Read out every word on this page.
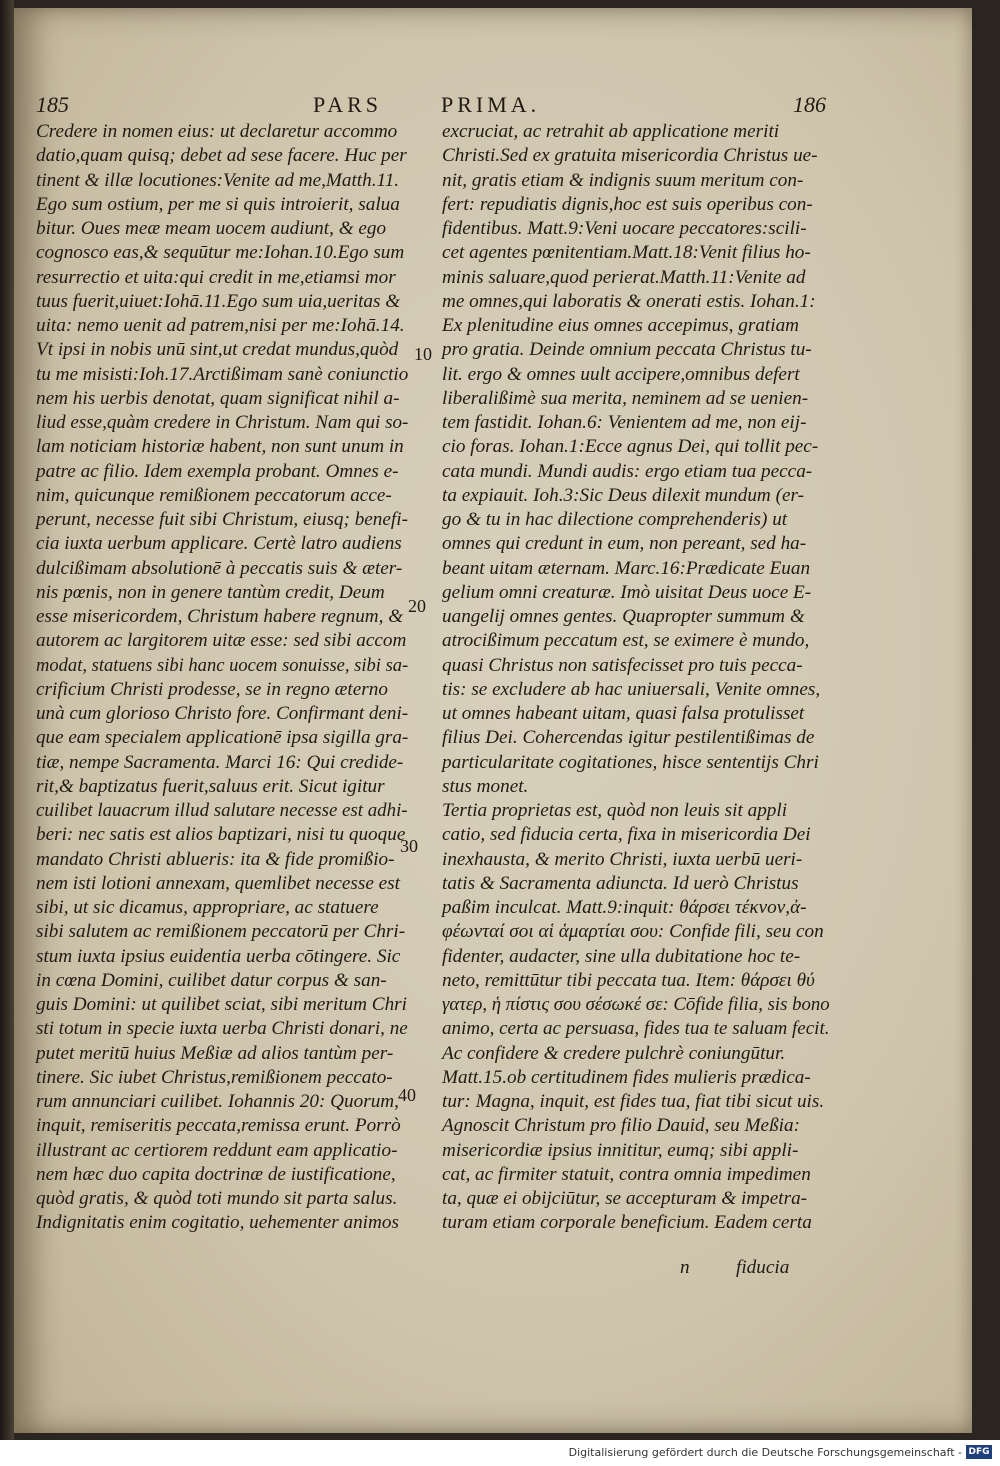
185	PARS	PRIMA.	186
Credere in nomen eius: ut declaretur accommo
datio,quam quisq; debet ad sese facere. Huc per
tinent & illæ locutiones:Venite ad me,Matth.11.
Ego sum ostium, per me si quis introierit, salua
bitur. Oues meæ meam uocem audiunt, & ego
cognosco eas,& sequūtur me:Iohan.10.Ego sum
resurrectio et uita:qui credit in me,etiamsi mor
tuus fuerit,uiuet:Iohā.11.Ego sum uia,ueritas &
uita: nemo uenit ad patrem,nisi per me:Iohā.14.
Vt ipsi in nobis unū sint,ut credat mundus,quòd
tu me misisti:Ioh.17.Arctißimam sanè coniunctio
nem his uerbis denotat, quam significat nihil a-
liud esse,quàm credere in Christum. Nam qui so-
lam noticiam historiæ habent, non sunt unum in
patre ac filio. Idem exempla probant. Omnes e-
nim, quicunque remißionem peccatorum acce-
perunt, necesse fuit sibi Christum, eiusq; benefi-
cia iuxta uerbum applicare. Certè latro audiens
dulcißimam absolutionē à peccatis suis & æter-
nis pœnis, non in genere tantùm credit, Deum
esse misericordem, Christum habere regnum, &
autorem ac largitorem uitæ esse: sed sibi accom
modat, statuens sibi hanc uocem sonuisse, sibi sa-
crificium Christi prodesse, se in regno æterno
unà cum glorioso Christo fore. Confirmant deni-
que eam specialem applicationē ipsa sigilla gra-
tiæ, nempe Sacramenta. Marci 16: Qui credide-
rit,& baptizatus fuerit,saluus erit. Sicut igitur
cuilibet lauacrum illud salutare necesse est adhi-
beri: nec satis est alios baptizari, nisi tu quoque
mandato Christi ablueris: ita & fide promißio-
nem isti lotioni annexam, quemlibet necesse est
sibi, ut sic dicamus, appropriare, ac statuere
sibi salutem ac remißionem peccatorū per Chri-
stum iuxta ipsius euidentia uerba cōtingere. Sic
in cœna Domini, cuilibet datur corpus & san-
guis Domini: ut quilibet sciat, sibi meritum Chri
sti totum in specie iuxta uerba Christi donari, ne
putet meritū huius Meßiæ ad alios tantùm per-
tinere. Sic iubet Christus,remißionem peccato-
rum annunciari cuilibet. Iohannis 20: Quorum,
inquit, remiseritis peccata,remissa erunt. Porrò
illustrant ac certiorem reddunt eam applicatio-
nem hæc duo capita doctrinæ de iustificatione,
quòd gratis, & quòd toti mundo sit parta salus.
Indignitatis enim cogitatio, uehementer animos
excruciat, ac retrahit ab applicatione meriti
Christi.Sed ex gratuita misericordia Christus ue-
nit, gratis etiam & indignis suum meritum con-
fert: repudiatis dignis,hoc est suis operibus con-
fidentibus. Matt.9:Veni uocare peccatores:scili-
cet agentes pœnitentiam.Matt.18:Venit filius ho-
minis saluare,quod perierat.Matth.11:Venite ad
me omnes,qui laboratis & onerati estis. Iohan.1:
Ex plenitudine eius omnes accepimus, gratiam
pro gratia. Deinde omnium peccata Christus tu-
lit. ergo & omnes uult accipere,omnibus defert
liberalißimè sua merita, neminem ad se uenien-
tem fastidit. Iohan.6: Venientem ad me, non eij-
cio foras. Iohan.1:Ecce agnus Dei, qui tollit pec-
cata mundi. Mundi audis: ergo etiam tua pecca-
ta expiauit. Ioh.3:Sic Deus dilexit mundum (er-
go & tu in hac dilectione comprehenderis) ut
omnes qui credunt in eum, non pereant, sed ha-
beant uitam æternam. Marc.16:Prædicate Euan
gelium omni creaturæ. Imò uisitat Deus uoce E-
uangelij omnes gentes. Quapropter summum &
atrocißimum peccatum est, se eximere è mundo,
quasi Christus non satisfecisset pro tuis pecca-
tis: se excludere ab hac uniuersali, Venite omnes,
ut omnes habeant uitam, quasi falsa protulisset
filius Dei. Cohercendas igitur pestilentißimas de
particularitate cogitationes, hisce sententijs Chri
stus monet.
Tertia proprietas est, quòd non leuis sit appli
catio, sed fiducia certa, fixa in misericordia Dei
inexhausta, & merito Christi, iuxta uerbū ueri-
tatis & Sacramenta adiuncta. Id uerò Christus
paßim inculcat. Matt.9:inquit: θάρσει τέκνον,ἀ-
φέωνταί σοι αἱ ἁμαρτίαι σου: Confide fili, seu con
fidenter, audacter, sine ulla dubitatione hoc te-
neto, remittūtur tibi peccata tua. Item: θάρσει θύ
γατερ, ἡ πίστις σου σέσωκέ σε: Cōfide filia, sis bono
animo, certa ac persuasa, fides tua te saluam fecit.
Ac confidere & credere pulchrè coniungūtur.
Matt.15.ob certitudinem fides mulieris prædica-
tur: Magna, inquit, est fides tua, fiat tibi sicut uis.
Agnoscit Christum pro filio Dauid, seu Meßia:
misericordiæ ipsius innititur, eumq; sibi appli-
cat, ac firmiter statuit, contra omnia impedimen
ta, quæ ei obijciūtur, se accepturam & impetra-
turam etiam corporale beneficium. Eadem certa
10
20
30
40
n fiducia
Digitalisierung gefördert durch die Deutsche Forschungsgemeinschaft - DFG
